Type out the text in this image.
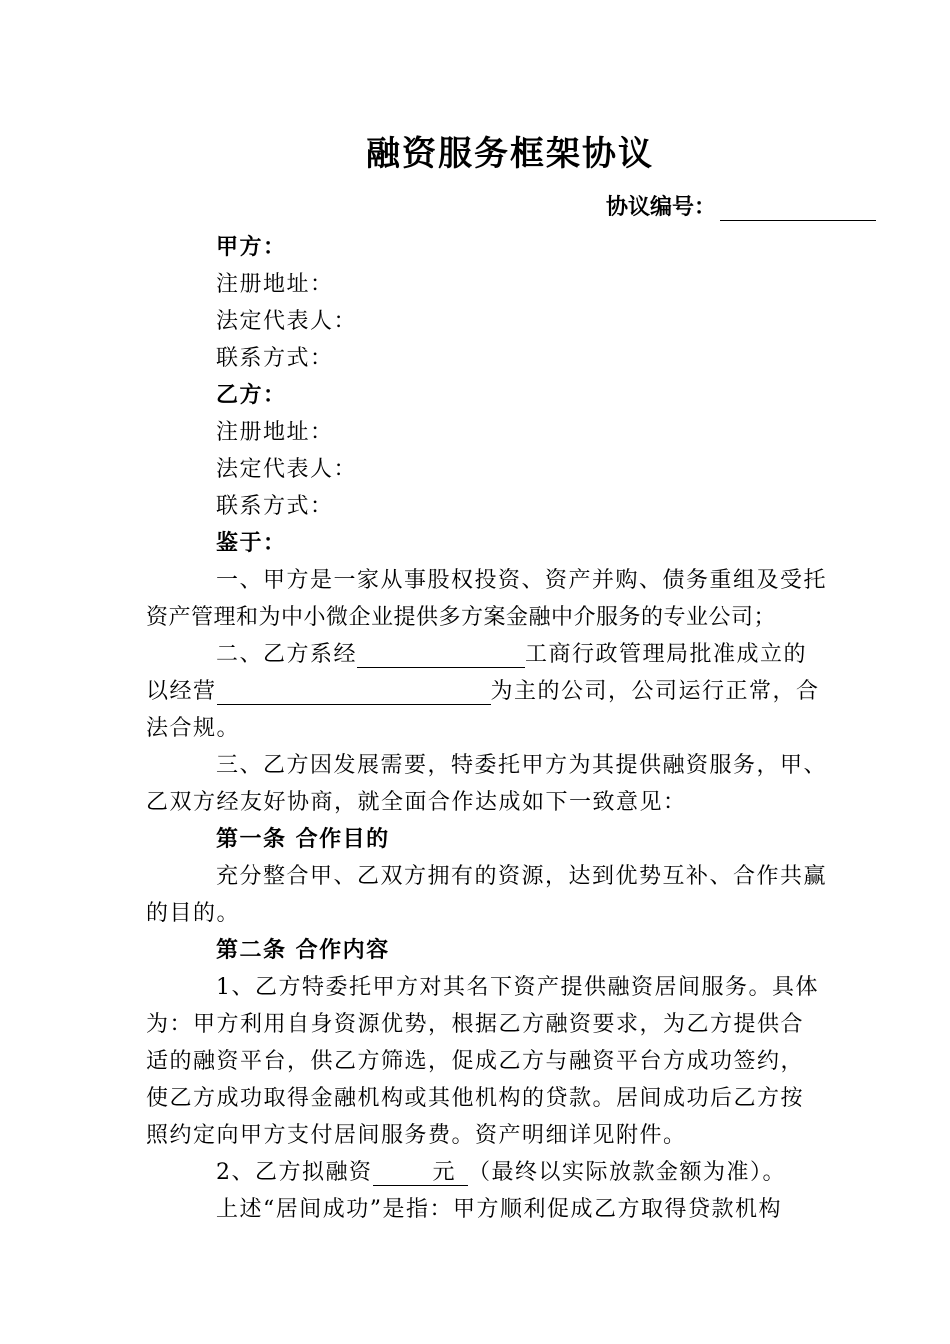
融资服务框架协议
协议编号：
甲方：
注册地址：
法定代表人：
联系方式：
乙方：
注册地址：
法定代表人：
联系方式：
鉴于：
一、甲方是一家从事股权投资、资产并购、债务重组及受托
资产管理和为中小微企业提供多方案金融中介服务的专业公司；
二、乙方系经	工商行政管理局批准成立的
以经营	为主的公司，公司运行正常，合
法合规。
三、乙方因发展需要，特委托甲方为其提供融资服务，甲、
乙双方经友好协商，就全面合作达成如下一致意见：
第一条 合作目的
充分整合甲、乙双方拥有的资源，达到优势互补、合作共赢
的目的。
第二条 合作内容
1、乙方特委托甲方对其名下资产提供融资居间服务。具体
为：甲方利用自身资源优势，根据乙方融资要求，为乙方提供合
适的融资平台，供乙方筛选，促成乙方与融资平台方成功签约，
使乙方成功取得金融机构或其他机构的贷款。居间成功后乙方按
照约定向甲方支付居间服务费。资产明细详见附件。
2、乙方拟融资	元 （最终以实际放款金额为准）。
上述“居间成功”是指：甲方顺利促成乙方取得贷款机构
